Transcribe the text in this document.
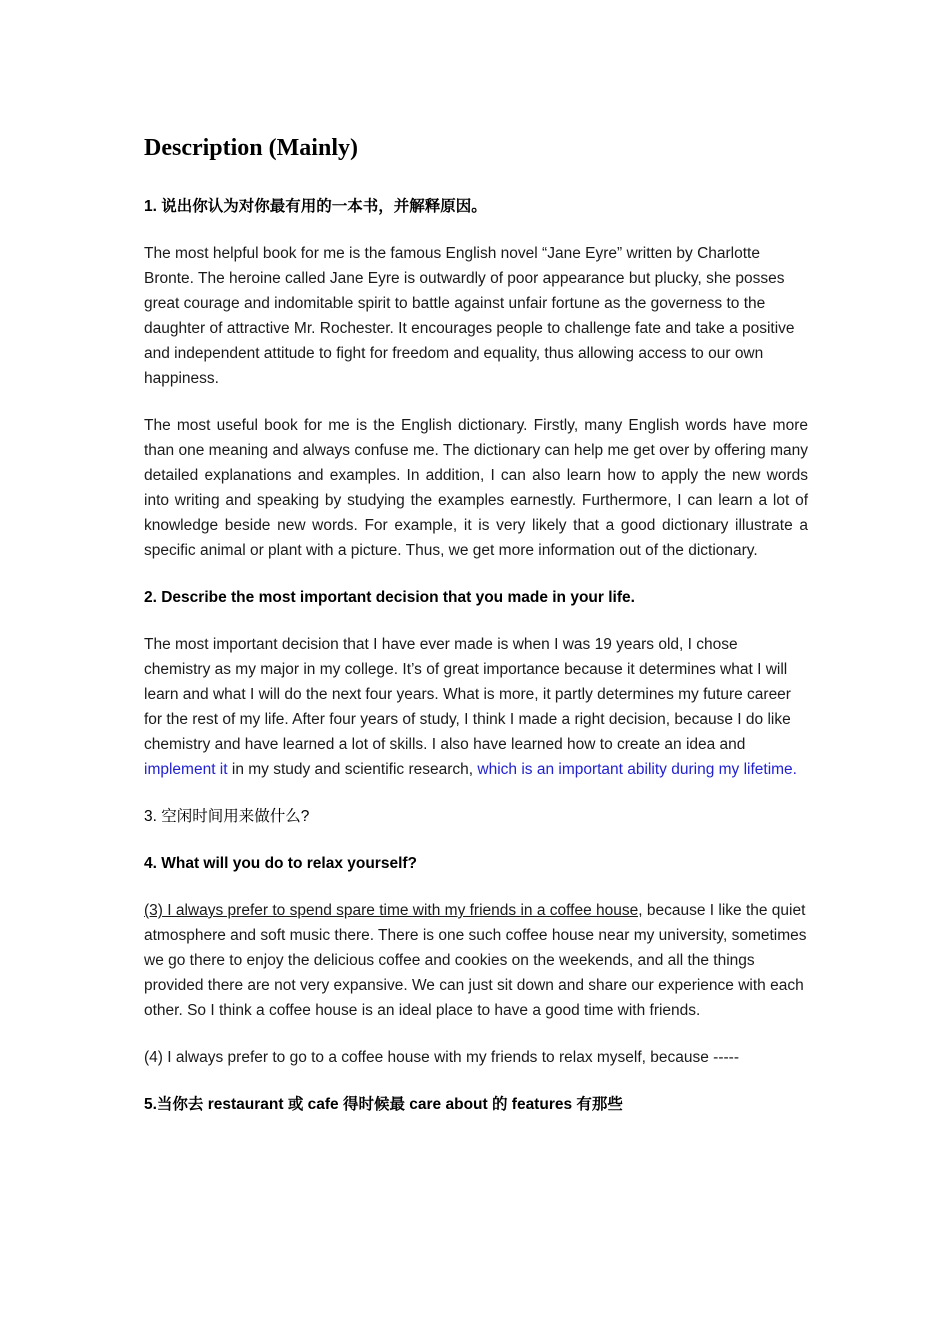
Description (Mainly)
1. 说出你认为对你最有用的一本书，并解释原因。
The most helpful book for me is the famous English novel “Jane Eyre” written by Charlotte Bronte. The heroine called Jane Eyre is outwardly of poor appearance but plucky, she posses great courage and indomitable spirit to battle against unfair fortune as the governess to the daughter of attractive Mr. Rochester. It encourages people to challenge fate and take a positive and independent attitude to fight for freedom and equality, thus allowing access to our own happiness.
The most useful book for me is the English dictionary. Firstly, many English words have more than one meaning and always confuse me. The dictionary can help me get over by offering many detailed explanations and examples. In addition, I can also learn how to apply the new words into writing and speaking by studying the examples earnestly. Furthermore, I can learn a lot of knowledge beside new words. For example, it is very likely that a good dictionary illustrate a specific animal or plant with a picture. Thus, we get more information out of the dictionary.
2. Describe the most important decision that you made in your life.
The most important decision that I have ever made is when I was 19 years old, I chose chemistry as my major in my college. It’s of great importance because it determines what I will learn and what I will do the next four years. What is more, it partly determines my future career for the rest of my life. After four years of study, I think I made a right decision, because I do like chemistry and have learned a lot of skills. I also have learned how to create an idea and implement it in my study and scientific research, which is an important ability during my lifetime.
3. 空闲时间用来做什么?
4. What will you do to relax yourself?
(3) I always prefer to spend spare time with my friends in a coffee house, because I like the quiet atmosphere and soft music there. There is one such coffee house near my university, sometimes we go there to enjoy the delicious coffee and cookies on the weekends, and all the things provided there are not very expansive. We can just sit down and share our experience with each other. So I think a coffee house is an ideal place to have a good time with friends.
(4) I always prefer to go to a coffee house with my friends to relax myself, because -----
5.当你去 restaurant 或 cafe 得时候最 care about 的 features 有那些
